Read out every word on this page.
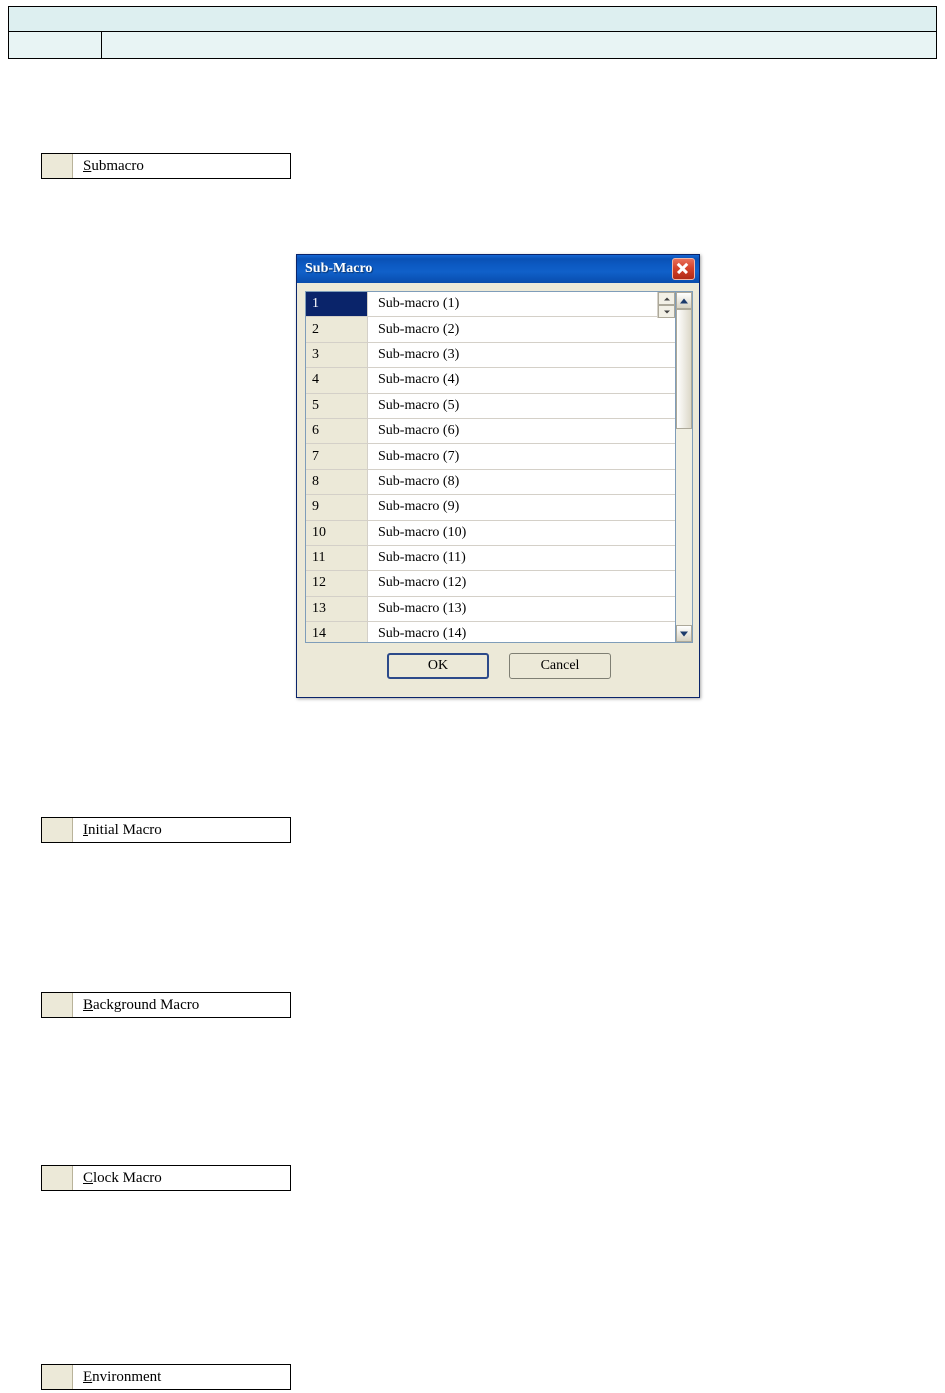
Submacro
Initial Macro
Background Macro
Clock Macro
Environment
Sub-Macro
1	Sub-macro (1)
2	Sub-macro (2)
3	Sub-macro (3)
4	Sub-macro (4)
5	Sub-macro (5)
6	Sub-macro (6)
7	Sub-macro (7)
8	Sub-macro (8)
9	Sub-macro (9)
10	Sub-macro (10)
11	Sub-macro (11)
12	Sub-macro (12)
13	Sub-macro (13)
14	Sub-macro (14)
OK	Cancel
